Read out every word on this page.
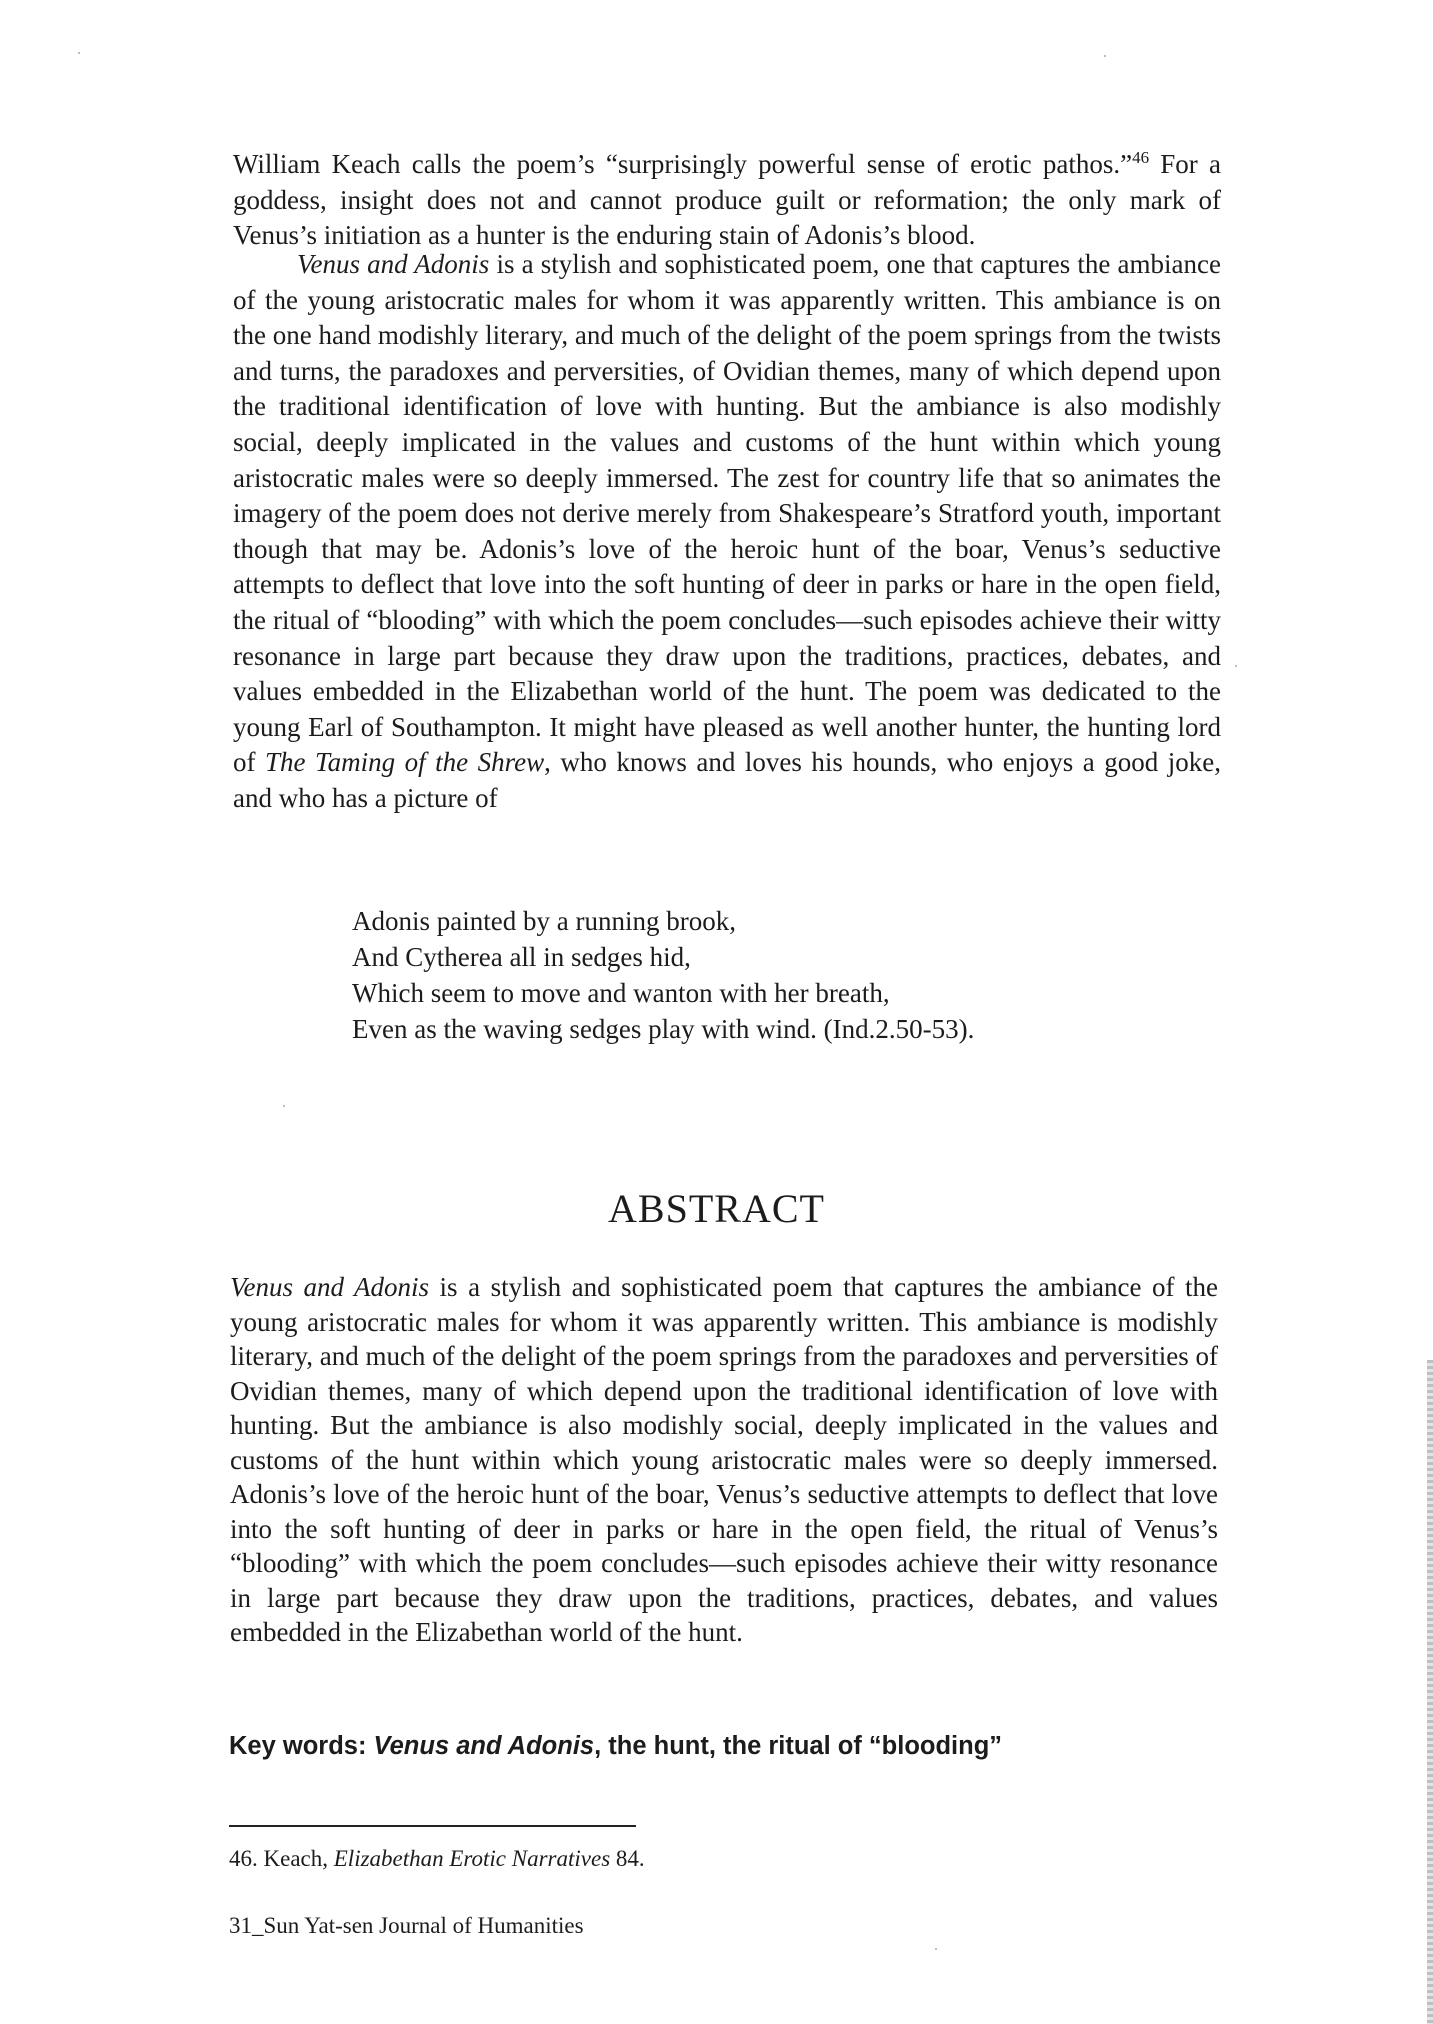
William Keach calls the poem’s “surprisingly powerful sense of erotic pathos.”$^{46}$ For a goddess, insight does not and cannot produce guilt or reformation; the only mark of Venus’s initiation as a hunter is the enduring stain of Adonis’s blood.

Venus and Adonis is a stylish and sophisticated poem, one that captures the ambiance of the young aristocratic males for whom it was apparently written. This ambiance is on the one hand modishly literary, and much of the delight of the poem springs from the twists and turns, the paradoxes and perversities, of Ovidian themes, many of which depend upon the traditional identification of love with hunting. But the ambiance is also modishly social, deeply implicated in the values and customs of the hunt within which young aristocratic males were so deeply immersed. The zest for country life that so animates the imagery of the poem does not derive merely from Shakespeare’s Stratford youth, important though that may be. Adonis’s love of the heroic hunt of the boar, Venus’s seductive attempts to deflect that love into the soft hunting of deer in parks or hare in the open field, the ritual of “blooding” with which the poem concludes—such episodes achieve their witty resonance in large part because they draw upon the traditions, practices, debates, and values embedded in the Elizabethan world of the hunt. The poem was dedicated to the young Earl of Southampton. It might have pleased as well another hunter, the hunting lord of The Taming of the Shrew, who knows and loves his hounds, who enjoys a good joke, and who has a picture of

Adonis painted by a running brook,
And Cytherea all in sedges hid,
Which seem to move and wanton with her breath,
Even as the waving sedges play with wind. (Ind.2.50-53).
ABSTRACT

Venus and Adonis is a stylish and sophisticated poem that captures the ambiance of the young aristocratic males for whom it was apparently written. This ambiance is modishly literary, and much of the delight of the poem springs from the paradoxes and perversities of Ovidian themes, many of which depend upon the traditional identification of love with hunting. But the ambiance is also modishly social, deeply implicated in the values and customs of the hunt within which young aristocratic males were so deeply immersed. Adonis’s love of the heroic hunt of the boar, Venus’s seductive attempts to deflect that love into the soft hunting of deer in parks or hare in the open field, the ritual of Venus’s “blooding” with which the poem concludes—such episodes achieve their witty resonance in large part because they draw upon the traditions, practices, debates, and values embedded in the Elizabethan world of the hunt.

Key words: Venus and Adonis, the hunt, the ritual of “blooding”

46. Keach, Elizabethan Erotic Narratives 84.

31_Sun Yat-sen Journal of Humanities
